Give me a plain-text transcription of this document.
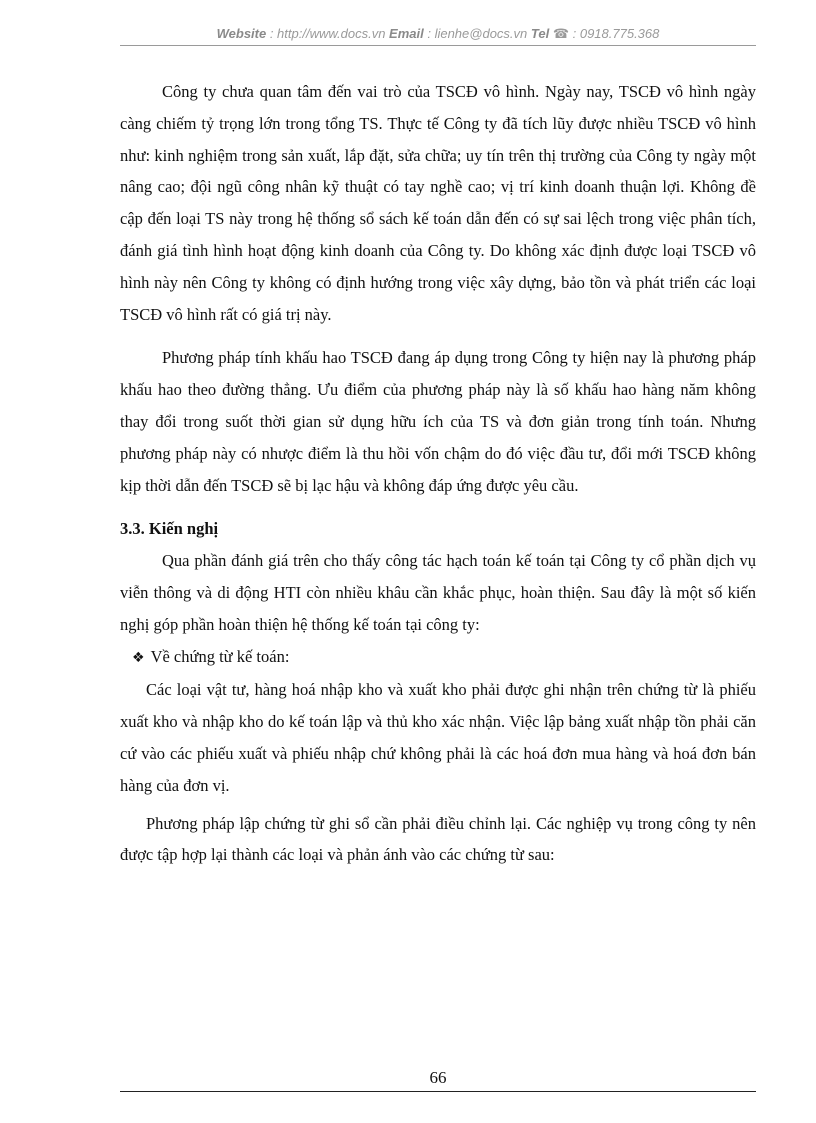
Website : http://www.docs.vn Email : lienhe@docs.vn Tel ☎ : 0918.775.368

Công ty chưa quan tâm đến vai trò của TSCĐ vô hình. Ngày nay, TSCĐ vô hình ngày càng chiếm tỷ trọng lớn trong tổng TS. Thực tế Công ty đã tích lũy được nhiều TSCĐ vô hình như: kinh nghiệm trong sản xuất, lắp đặt, sửa chữa; uy tín trên thị trường của Công ty ngày một nâng cao; đội ngũ công nhân kỹ thuật có tay nghề cao; vị trí kinh doanh thuận lợi. Không đề cập đến loại TS này trong hệ thống sổ sách kế toán dẫn đến có sự sai lệch trong việc phân tích, đánh giá tình hình hoạt động kinh doanh của Công ty. Do không xác định được loại TSCĐ vô hình này nên Công ty không có định hướng trong việc xây dựng, bảo tồn và phát triển các loại TSCĐ vô hình rất có giá trị này.

Phương pháp tính khấu hao TSCĐ đang áp dụng trong Công ty hiện nay là phương pháp khấu hao theo đường thẳng. Ưu điểm của phương pháp này là số khấu hao hàng năm không thay đổi trong suốt thời gian sử dụng hữu ích của TS và đơn giản trong tính toán. Nhưng phương pháp này có nhược điểm là thu hồi vốn chậm do đó việc đầu tư, đổi mới TSCĐ không kịp thời dẫn đến TSCĐ sẽ bị lạc hậu và không đáp ứng được yêu cầu.

3.3. Kiến nghị

Qua phần đánh giá trên cho thấy công tác hạch toán kế toán tại Công ty cổ phần dịch vụ viễn thông và di động HTI còn nhiều khâu cần khắc phục, hoàn thiện. Sau đây là một số kiến nghị góp phần hoàn thiện hệ thống kế toán tại công ty:

❖ Về chứng từ kế toán:

Các loại vật tư, hàng hoá nhập kho và xuất kho phải được ghi nhận trên chứng từ là phiếu xuất kho và nhập kho do kế toán lập và thủ kho xác nhận. Việc lập bảng xuất nhập tồn phải căn cứ vào các phiếu xuất và phiếu nhập chứ không phải là các hoá đơn mua hàng và hoá đơn bán hàng của đơn vị.

Phương pháp lập chứng từ ghi sổ cần phải điều chỉnh lại. Các nghiệp vụ trong công ty nên được tập hợp lại thành các loại và phản ánh vào các chứng từ sau:

66
